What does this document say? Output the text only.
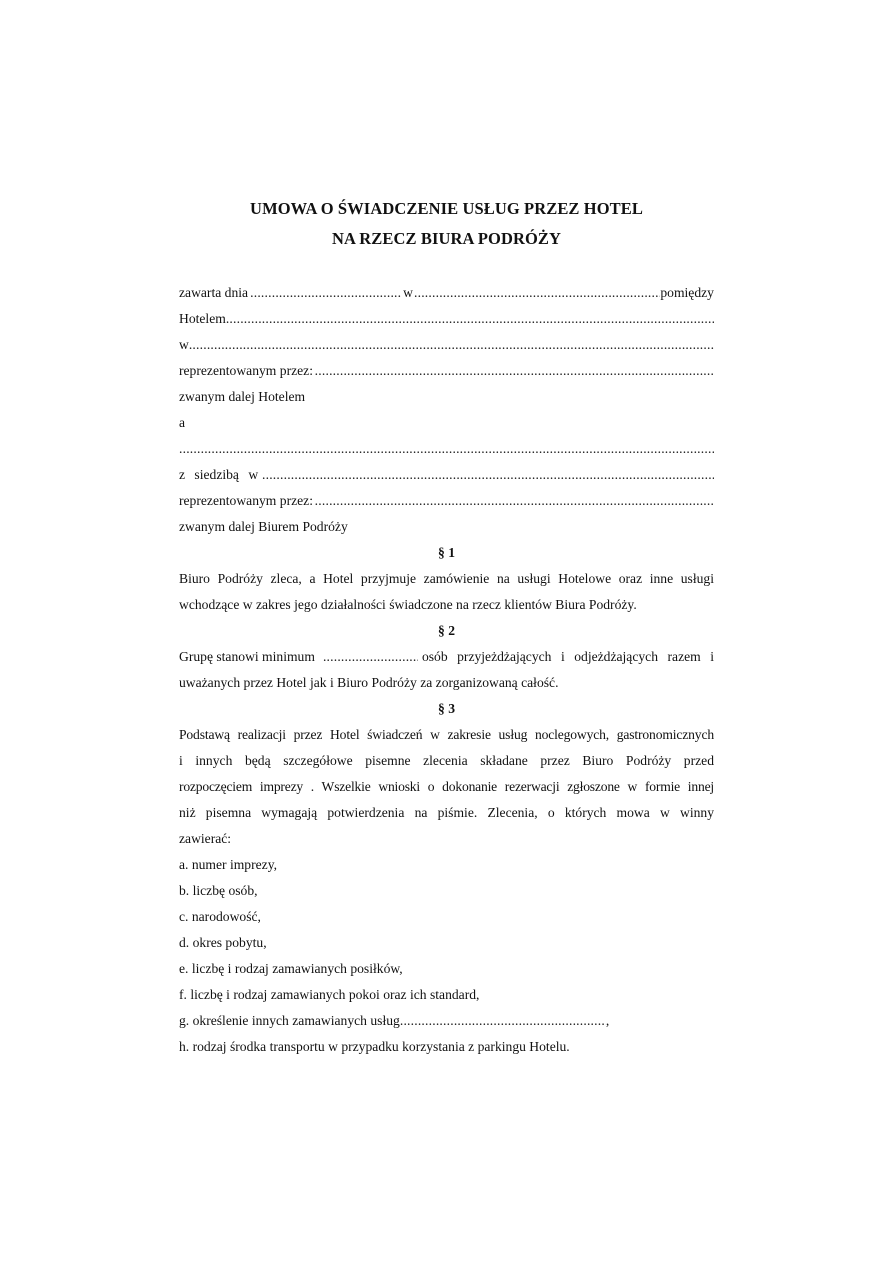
UMOWA O ŚWIADCZENIE USŁUG PRZEZ HOTEL
NA RZECZ BIURA PODRÓŻY
zawarta dnia .....	w .....	pomiędzy
Hotelem
.....
w
.....
reprezentowanym przez:
.....
zwanym dalej Hotelem
a
.....
z siedzibą w
.....
reprezentowanym przez:
.....
zwanym dalej Biurem Podróży
§ 1
Biuro Podróży zleca, a Hotel przyjmuje zamówienie na usługi Hotelowe oraz inne usługi
wchodzące w zakres jego działalności świadczone na rzecz klientów Biura Podróży.
§ 2
Grupę stanowi minimum .....	osób przyjeżdżających i odjeżdżających razem i
uważanych przez Hotel jak i Biuro Podróży za zorganizowaną całość.
§ 3
Podstawą realizacji przez Hotel świadczeń w zakresie usług noclegowych, gastronomicznych
i innych będą szczegółowe pisemne zlecenia składane przez Biuro Podróży przed
rozpoczęciem imprezy . Wszelkie wnioski o dokonanie rezerwacji zgłoszone w formie innej
niż pisemna wymagają potwierdzenia na piśmie. Zlecenia, o których mowa w winny
zawierać:
a. numer imprezy,
b. liczbę osób,
c. narodowość,
d. okres pobytu,
e. liczbę i rodzaj zamawianych posiłków,
f. liczbę i rodzaj zamawianych pokoi oraz ich standard,
g. określenie innych zamawianych usług .....	,
h. rodzaj środka transportu w przypadku korzystania z parkingu Hotelu.
